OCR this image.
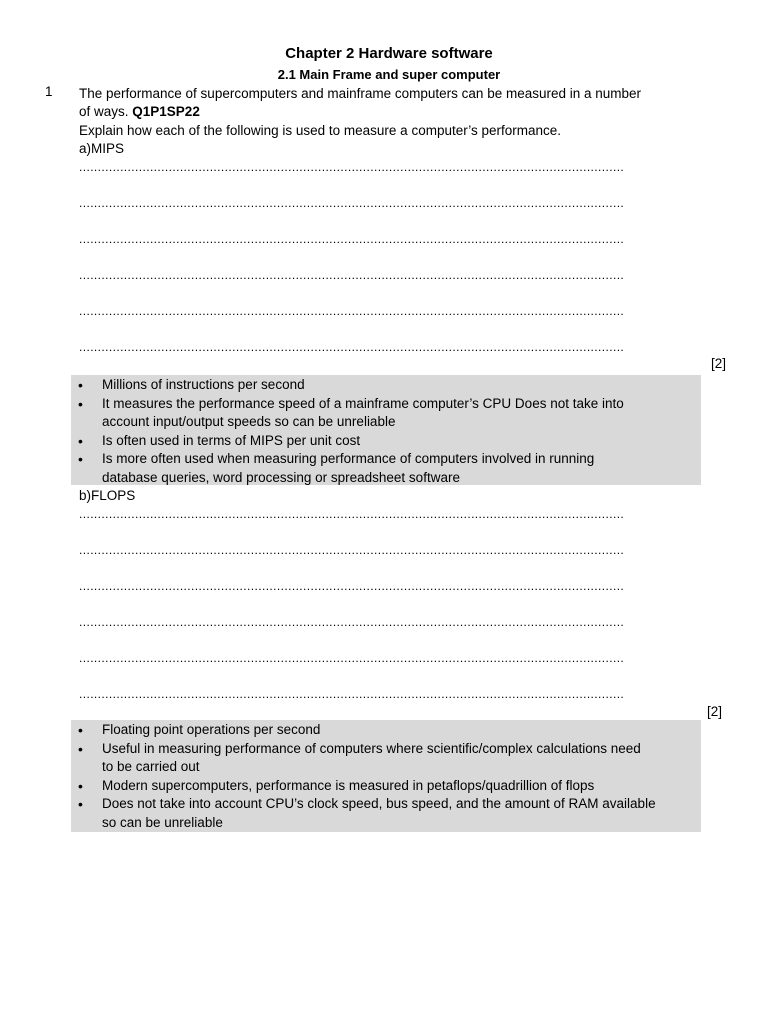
Chapter 2 Hardware software
2.1 Main Frame and super computer
1 The performance of supercomputers and mainframe computers can be measured in a number
of ways. Q1P1SP22
Explain how each of the following is used to measure a computer’s performance.
a)MIPS
..................................................................................................................................................
..................................................................................................................................................
..................................................................................................................................................
..................................................................................................................................................
..................................................................................................................................................
..................................................................................................................................................
[2]
• Millions of instructions per second
• It measures the performance speed of a mainframe computer’s CPU Does not take into
account input/output speeds so can be unreliable
• Is often used in terms of MIPS per unit cost
• Is more often used when measuring performance of computers involved in running
database queries, word processing or spreadsheet software
b)FLOPS
..................................................................................................................................................
..................................................................................................................................................
..................................................................................................................................................
..................................................................................................................................................
..................................................................................................................................................
..................................................................................................................................................
[2]
• Floating point operations per second
• Useful in measuring performance of computers where scientific/complex calculations need
to be carried out
• Modern supercomputers, performance is measured in petaflops/quadrillion of flops
• Does not take into account CPU’s clock speed, bus speed, and the amount of RAM available
so can be unreliable
